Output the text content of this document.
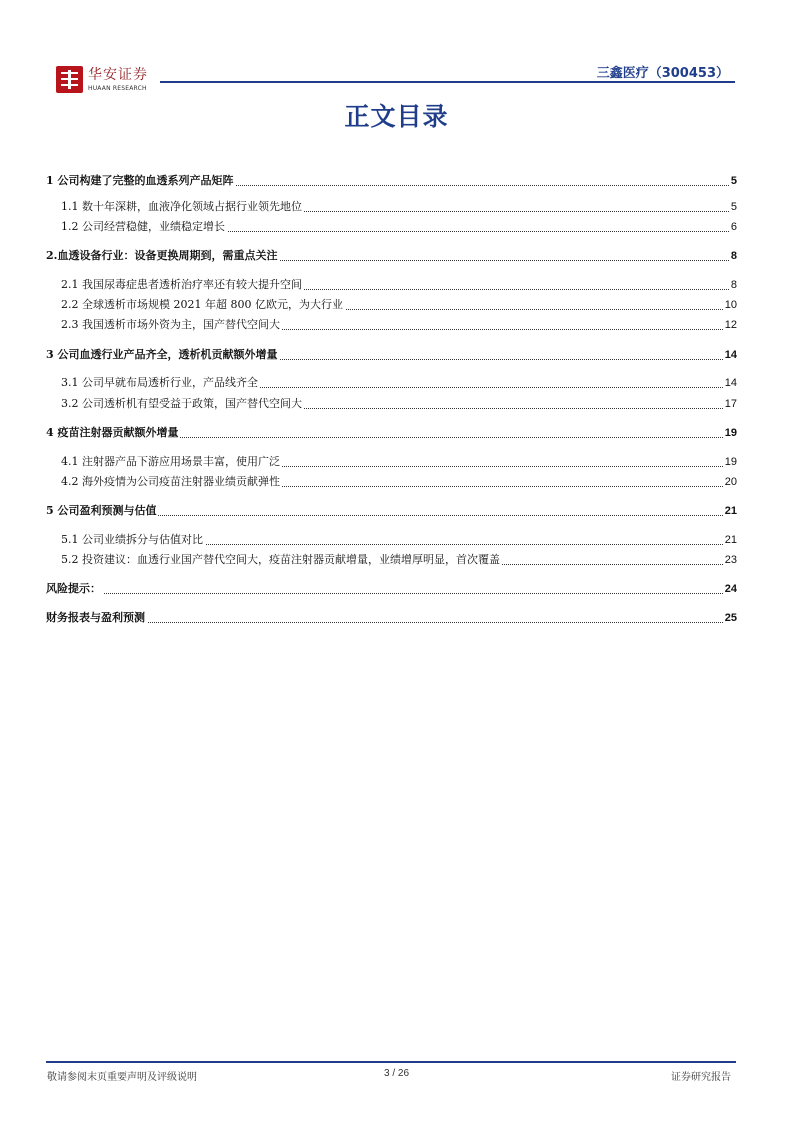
华安证券
HUAAN RESEARCH
三鑫医疗（300453）
正文目录
1 公司构建了完整的血透系列产品矩阵	5
1.1 数十年深耕，血液净化领域占据行业领先地位	5
1.2 公司经营稳健，业绩稳定增长	6
2.血透设备行业：设备更换周期到，需重点关注	8
2.1 我国尿毒症患者透析治疗率还有较大提升空间	8
2.2 全球透析市场规模 2021 年超 800 亿欧元，为大行业	10
2.3 我国透析市场外资为主，国产替代空间大	12
3 公司血透行业产品齐全，透析机贡献额外增量	14
3.1 公司早就布局透析行业，产品线齐全	14
3.2 公司透析机有望受益于政策，国产替代空间大	17
4 疫苗注射器贡献额外增量	19
4.1 注射器产品下游应用场景丰富，使用广泛	19
4.2 海外疫情为公司疫苗注射器业绩贡献弹性	20
5 公司盈利预测与估值	21
5.1 公司业绩拆分与估值对比	21
5.2 投资建议：血透行业国产替代空间大，疫苗注射器贡献增量，业绩增厚明显，首次覆盖	23
风险提示：	24
财务报表与盈利预测	25
敬请参阅末页重要声明及评级说明	3 / 26	证券研究报告
